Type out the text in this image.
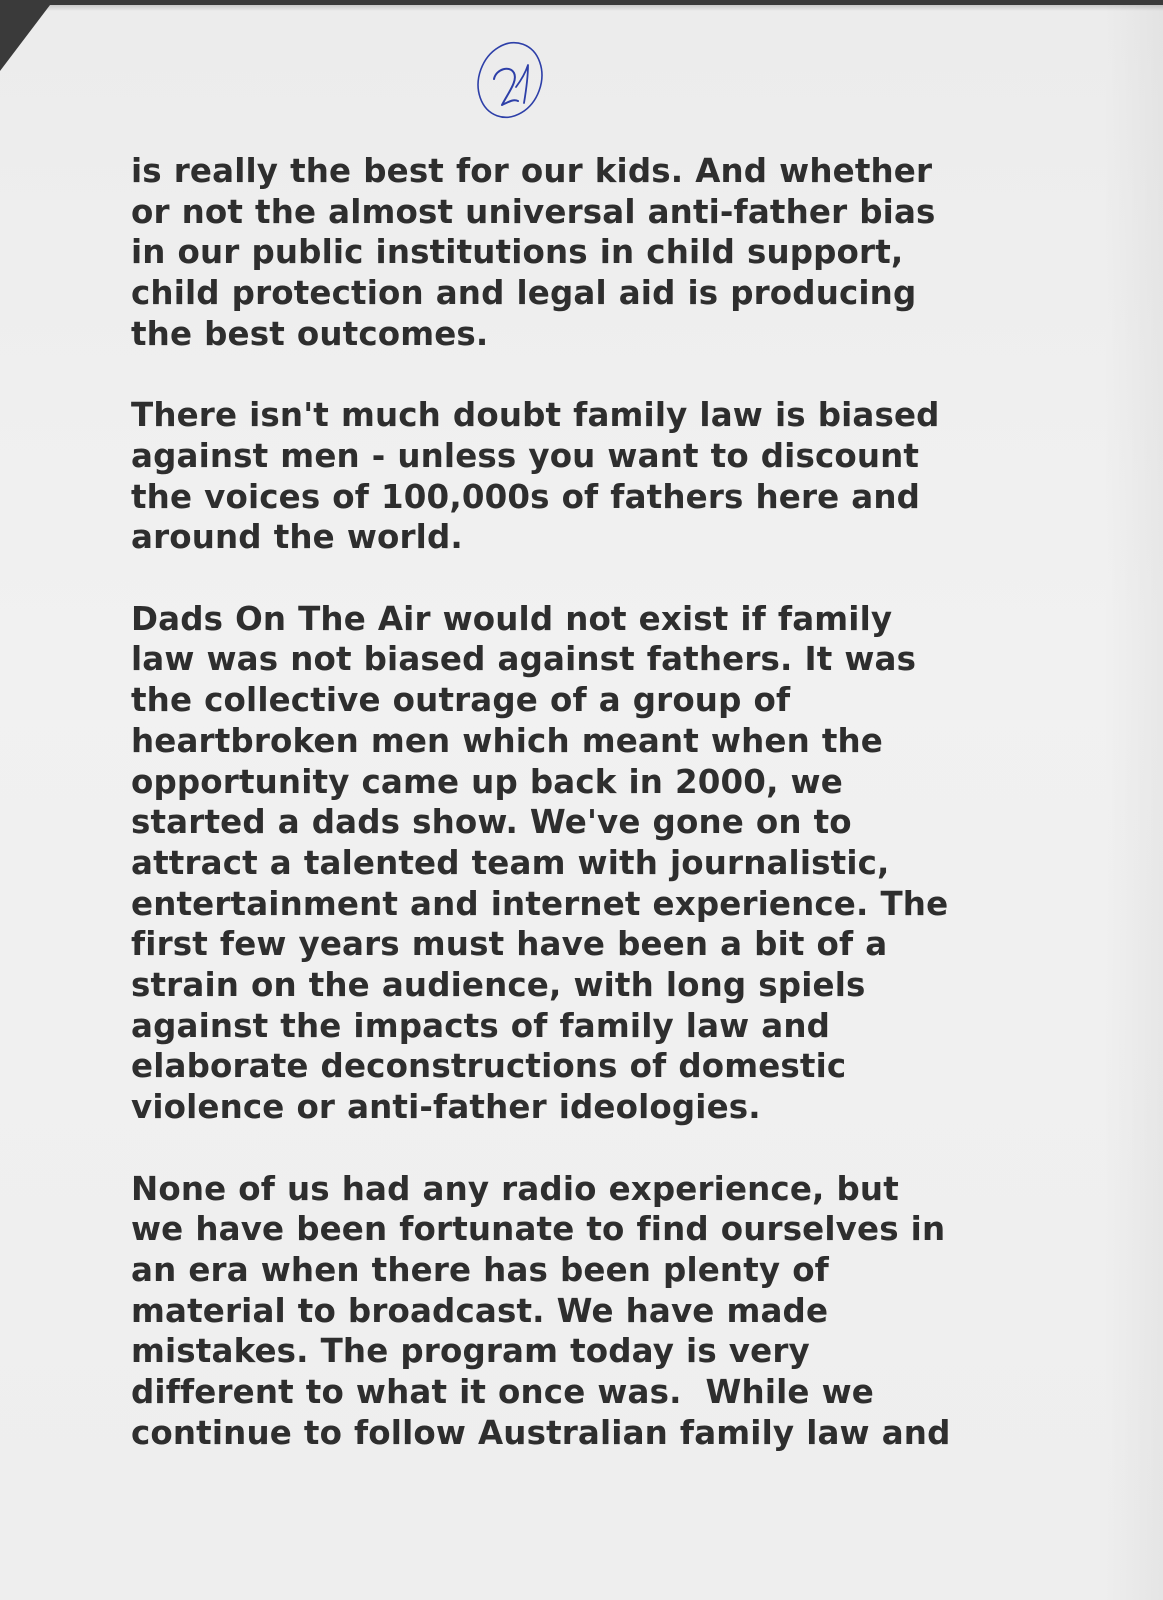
is really the best for our kids. And whether
or not the almost universal anti-father bias
in our public institutions in child support,
child protection and legal aid is producing
the best outcomes.
There isn't much doubt family law is biased
against men - unless you want to discount
the voices of 100,000s of fathers here and
around the world.
Dads On The Air would not exist if family
law was not biased against fathers. It was
the collective outrage of a group of
heartbroken men which meant when the
opportunity came up back in 2000, we
started a dads show. We've gone on to
attract a talented team with journalistic,
entertainment and internet experience. The
first few years must have been a bit of a
strain on the audience, with long spiels
against the impacts of family law and
elaborate deconstructions of domestic
violence or anti-father ideologies.
None of us had any radio experience, but
we have been fortunate to find ourselves in
an era when there has been plenty of
material to broadcast. We have made
mistakes. The program today is very
different to what it once was.  While we
continue to follow Australian family law and
